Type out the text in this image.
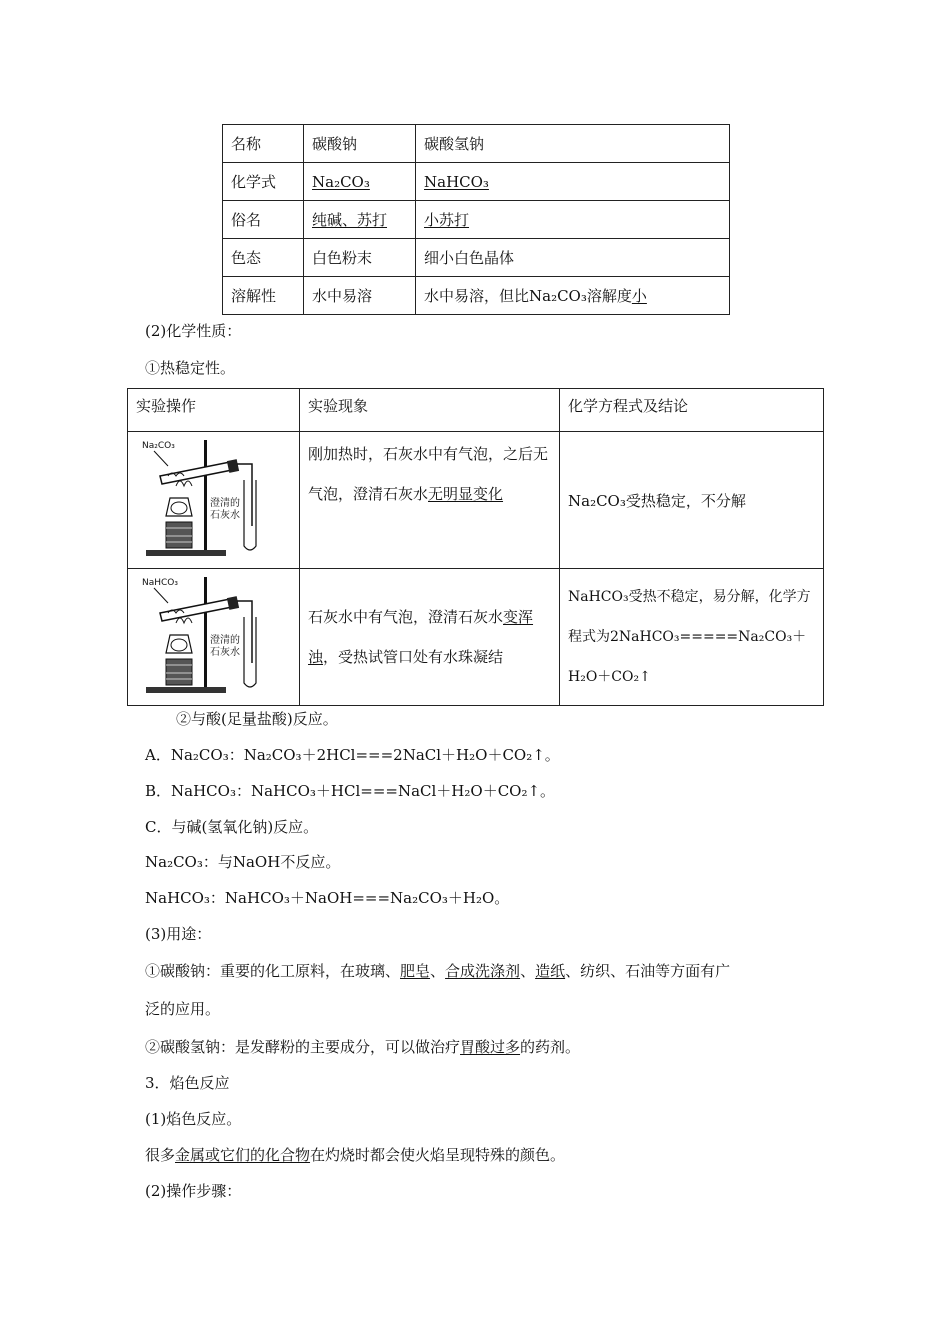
名称	碳酸钠	碳酸氢钠
化学式	Na₂CO₃	NaHCO₃
俗名	纯碱、苏打	小苏打
色态	白色粉末	细小白色晶体
溶解性	水中易溶	水中易溶，但比Na₂CO₃溶解度小
(2)化学性质：
①热稳定性。
实验操作	实验现象	化学方程式及结论

Na₂CO₃
澄清的
石灰水	刚加热时，石灰水中有气泡，之后无气泡，澄清石灰水无明显变化	Na₂CO₃受热稳定，不分解

NaHCO₃
澄清的
石灰水	石灰水中有气泡，澄清石灰水变浑浊，受热试管口处有水珠凝结	NaHCO₃受热不稳定，易分解，化学方程式为2NaHCO₃=====Na₂CO₃＋H₂O＋CO₂↑
②与酸(足量盐酸)反应。
A．Na₂CO₃：Na₂CO₃＋2HCl===2NaCl＋H₂O＋CO₂↑。
B．NaHCO₃：NaHCO₃＋HCl===NaCl＋H₂O＋CO₂↑。
C．与碱(氢氧化钠)反应。
Na₂CO₃：与NaOH不反应。
NaHCO₃：NaHCO₃＋NaOH===Na₂CO₃＋H₂O。
(3)用途：
①碳酸钠：重要的化工原料，在玻璃、肥皂、合成洗涤剂、造纸、纺织、石油等方面有广
泛的应用。
②碳酸氢钠：是发酵粉的主要成分，可以做治疗胃酸过多的药剂。
3．焰色反应
(1)焰色反应。
很多金属或它们的化合物在灼烧时都会使火焰呈现特殊的颜色。
(2)操作步骤：
